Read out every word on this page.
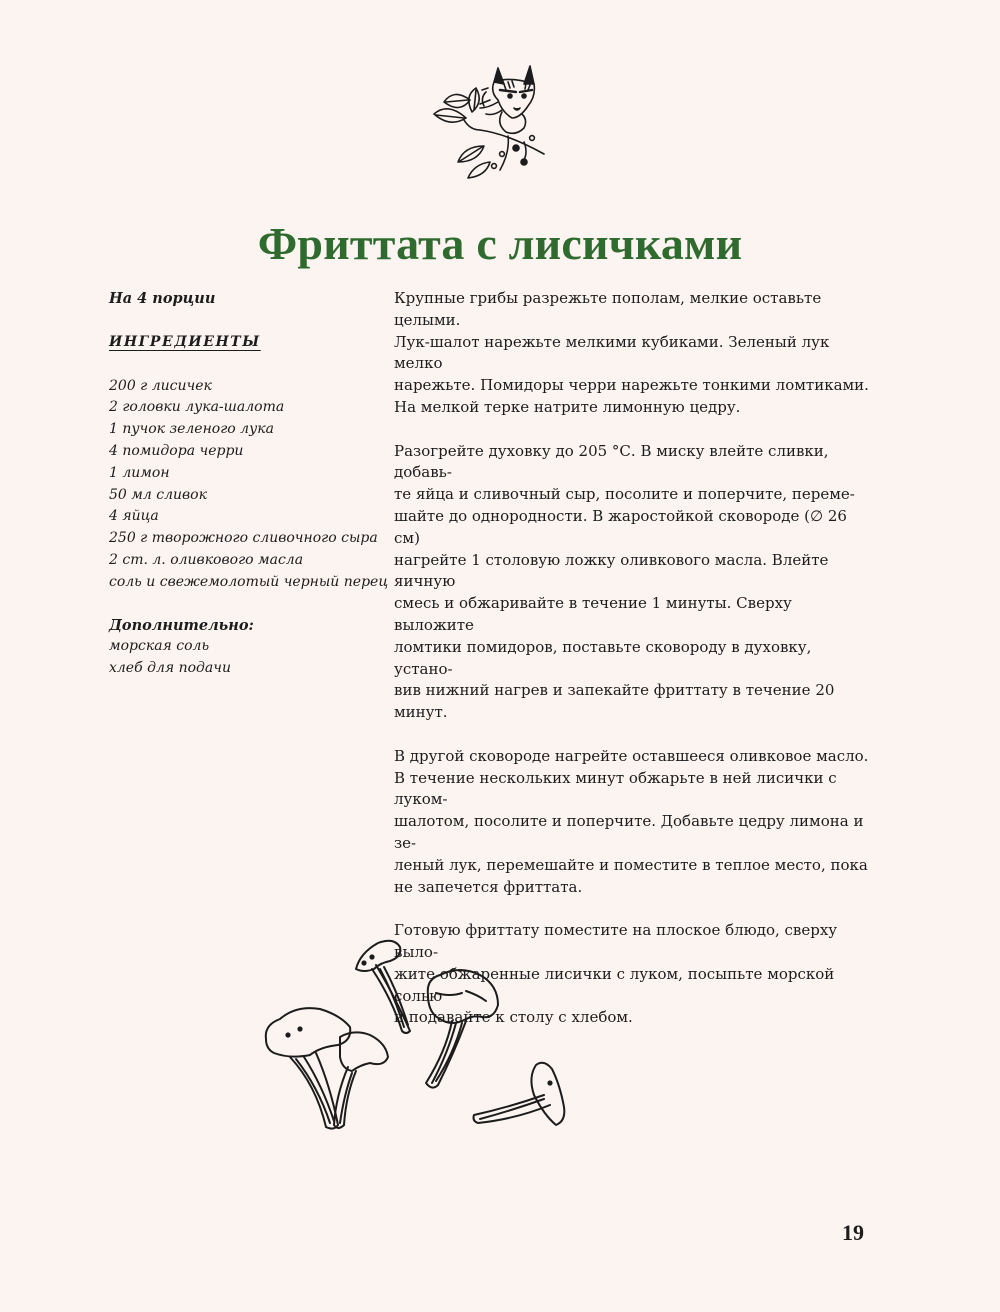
Фриттата с лисичками
На 4 порции
ИНГРЕДИЕНТЫ
200 г лисичек
2 головки лука-шалота
1 пучок зеленого лука
4 помидора черри
1 лимон
50 мл сливок
4 яйца
250 г творожного сливочного сыра
2 ст. л. оливкового масла
соль и свежемолотый черный перец
Дополнительно:
морская соль
хлеб для подачи

Крупные грибы разрежьте пополам, мелкие оставьте целыми.
Лук-шалот нарежьте мелкими кубиками. Зеленый лук мелко
нарежьте. Помидоры черри нарежьте тонкими ломтиками.
На мелкой терке натрите лимонную цедру.

Разогрейте духовку до 205 °С. В миску влейте сливки, добавь-
те яйца и сливочный сыр, посолите и поперчите, переме-
шайте до однородности. В жаростойкой сковороде (∅ 26 см)
нагрейте 1 столовую ложку оливкового масла. Влейте яичную
смесь и обжаривайте в течение 1 минуты. Сверху выложите
ломтики помидоров, поставьте сковороду в духовку, устано-
вив нижний нагрев и запекайте фриттату в течение 20 минут.

В другой сковороде нагрейте оставшееся оливковое масло.
В течение нескольких минут обжарьте в ней лисички с луком-
шалотом, посолите и поперчите. Добавьте цедру лимона и зе-
леный лук, перемешайте и поместите в теплое место, пока
не запечется фриттата.

Готовую фриттату поместите на плоское блюдо, сверху выло-
жите обжаренные лисички с луком, посыпьте морской солью
и подавайте к столу с хлебом.

19
